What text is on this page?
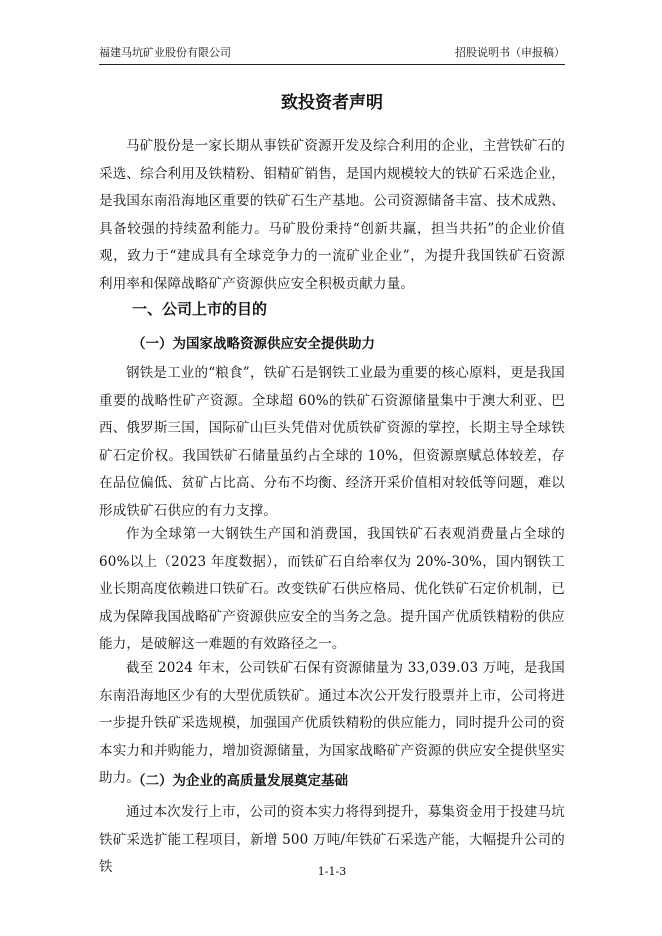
福建马坑矿业股份有限公司	招股说明书（申报稿）
致投资者声明

马矿股份是一家长期从事铁矿资源开发及综合利用的企业，主营铁矿石的采选、综合利用及铁精粉、钼精矿销售，是国内规模较大的铁矿石采选企业，是我国东南沿海地区重要的铁矿石生产基地。公司资源储备丰富、技术成熟、具备较强的持续盈利能力。马矿股份秉持“创新共赢，担当共拓”的企业价值观，致力于“建成具有全球竞争力的一流矿业企业”，为提升我国铁矿石资源利用率和保障战略矿产资源供应安全积极贡献力量。

一、公司上市的目的
（一）为国家战略资源供应安全提供助力

钢铁是工业的“粮食”，铁矿石是钢铁工业最为重要的核心原料，更是我国重要的战略性矿产资源。全球超 60%的铁矿石资源储量集中于澳大利亚、巴西、俄罗斯三国，国际矿山巨头凭借对优质铁矿资源的掌控，长期主导全球铁矿石定价权。我国铁矿石储量虽约占全球的 10%，但资源禀赋总体较差，存在品位偏低、贫矿占比高、分布不均衡、经济开采价值相对较低等问题，难以形成铁矿石供应的有力支撑。

作为全球第一大钢铁生产国和消费国，我国铁矿石表观消费量占全球的 60%以上（2023 年度数据），而铁矿石自给率仅为 20%-30%，国内钢铁工业长期高度依赖进口铁矿石。改变铁矿石供应格局、优化铁矿石定价机制，已成为保障我国战略矿产资源供应安全的当务之急。提升国产优质铁精粉的供应能力，是破解这一难题的有效路径之一。

截至 2024 年末，公司铁矿石保有资源储量为 33,039.03 万吨，是我国东南沿海地区少有的大型优质铁矿。通过本次公开发行股票并上市，公司将进一步提升铁矿采选规模，加强国产优质铁精粉的供应能力，同时提升公司的资本实力和并购能力，增加资源储量，为国家战略矿产资源的供应安全提供坚实助力。

（二）为企业的高质量发展奠定基础

通过本次发行上市，公司的资本实力将得到提升，募集资金用于投建马坑铁矿采选扩能工程项目，新增 500 万吨/年铁矿石采选产能，大幅提升公司的铁	1-1-3
